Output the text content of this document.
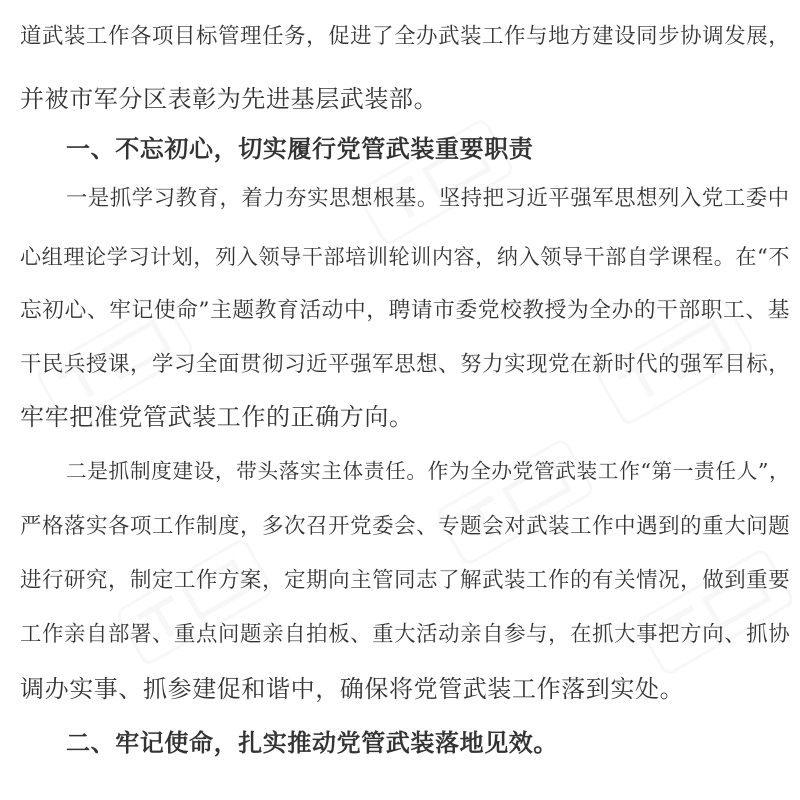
道武装工作各项目标管理任务，促进了全办武装工作与地方建设同步协调发展，
并被市军分区表彰为先进基层武装部。
一、不忘初心，切实履行党管武装重要职责
一是抓学习教育，着力夯实思想根基。坚持把习近平强军思想列入党工委中
心组理论学习计划，列入领导干部培训轮训内容，纳入领导干部自学课程。在“不
忘初心、牢记使命”主题教育活动中，聘请市委党校教授为全办的干部职工、基
干民兵授课，学习全面贯彻习近平强军思想、努力实现党在新时代的强军目标，
牢牢把准党管武装工作的正确方向。
二是抓制度建设，带头落实主体责任。作为全办党管武装工作“第一责任人”，
严格落实各项工作制度，多次召开党委会、专题会对武装工作中遇到的重大问题
进行研究，制定工作方案，定期向主管同志了解武装工作的有关情况，做到重要
工作亲自部署、重点问题亲自拍板、重大活动亲自参与，在抓大事把方向、抓协
调办实事、抓参建促和谐中，确保将党管武装工作落到实处。
二、牢记使命，扎实推动党管武装落地见效。
